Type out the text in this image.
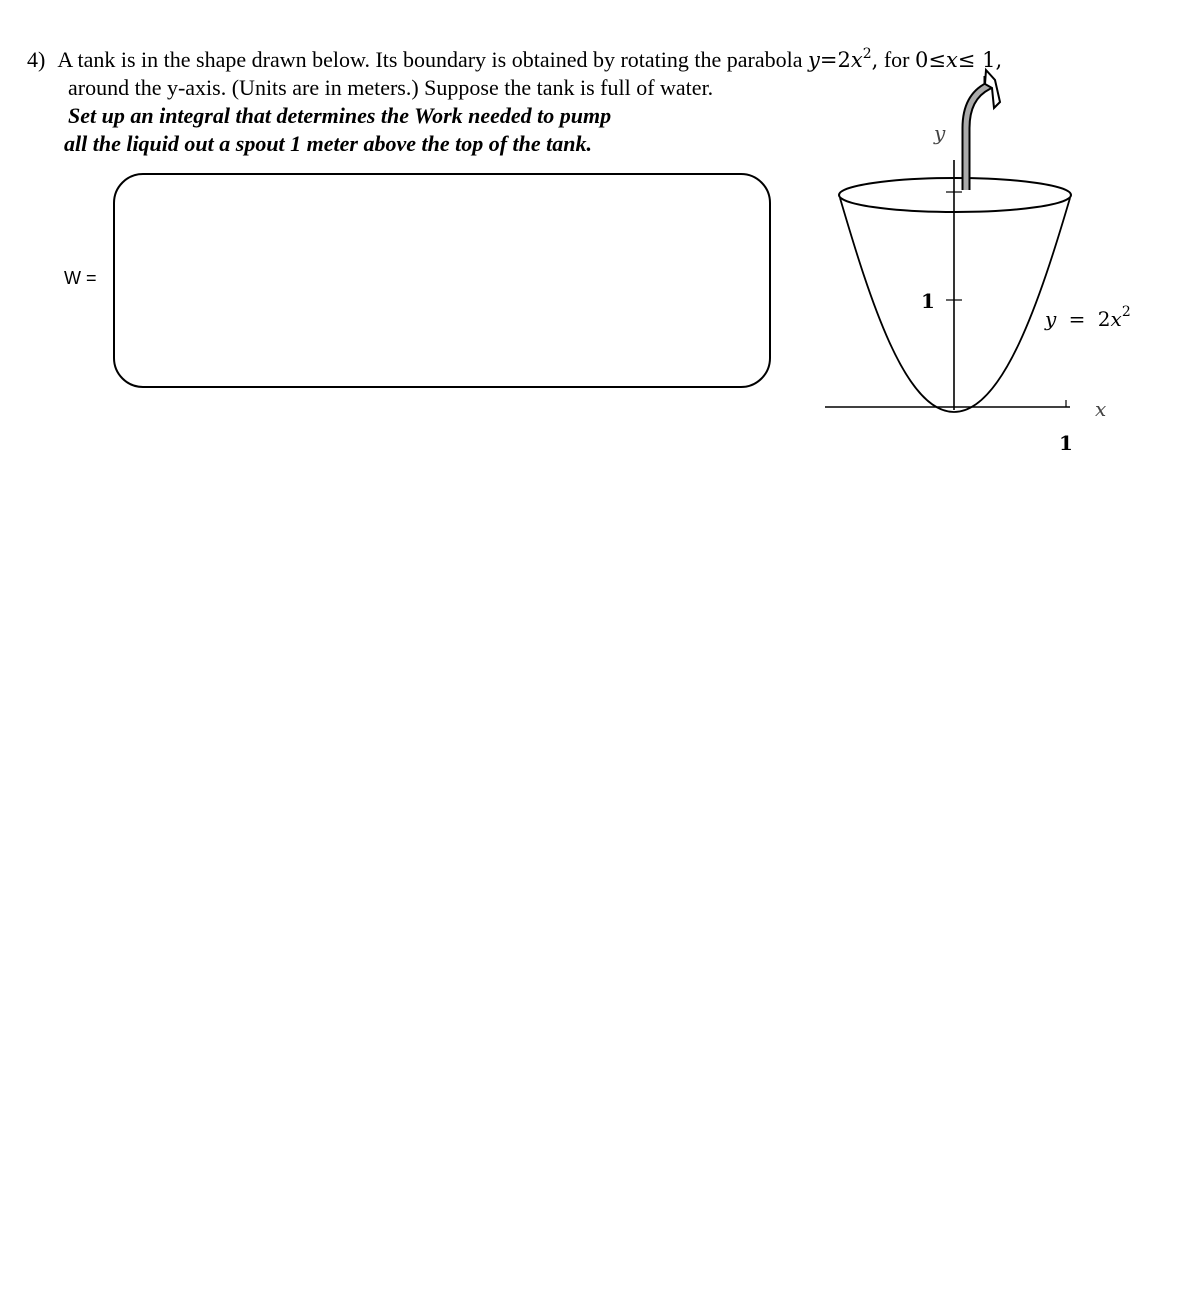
4) A tank is in the shape drawn below. Its boundary is obtained by rotating the parabola $y=2x^2$, for 0≤x≤ 1,
around the y-axis. (Units are in meters.) Suppose the tank is full of water.
Set up an integral that determines the Work needed to pump
all the liquid out a spout 1 meter above the top of the tank.
W =
y
x
1
1
$y = 2x^2$
